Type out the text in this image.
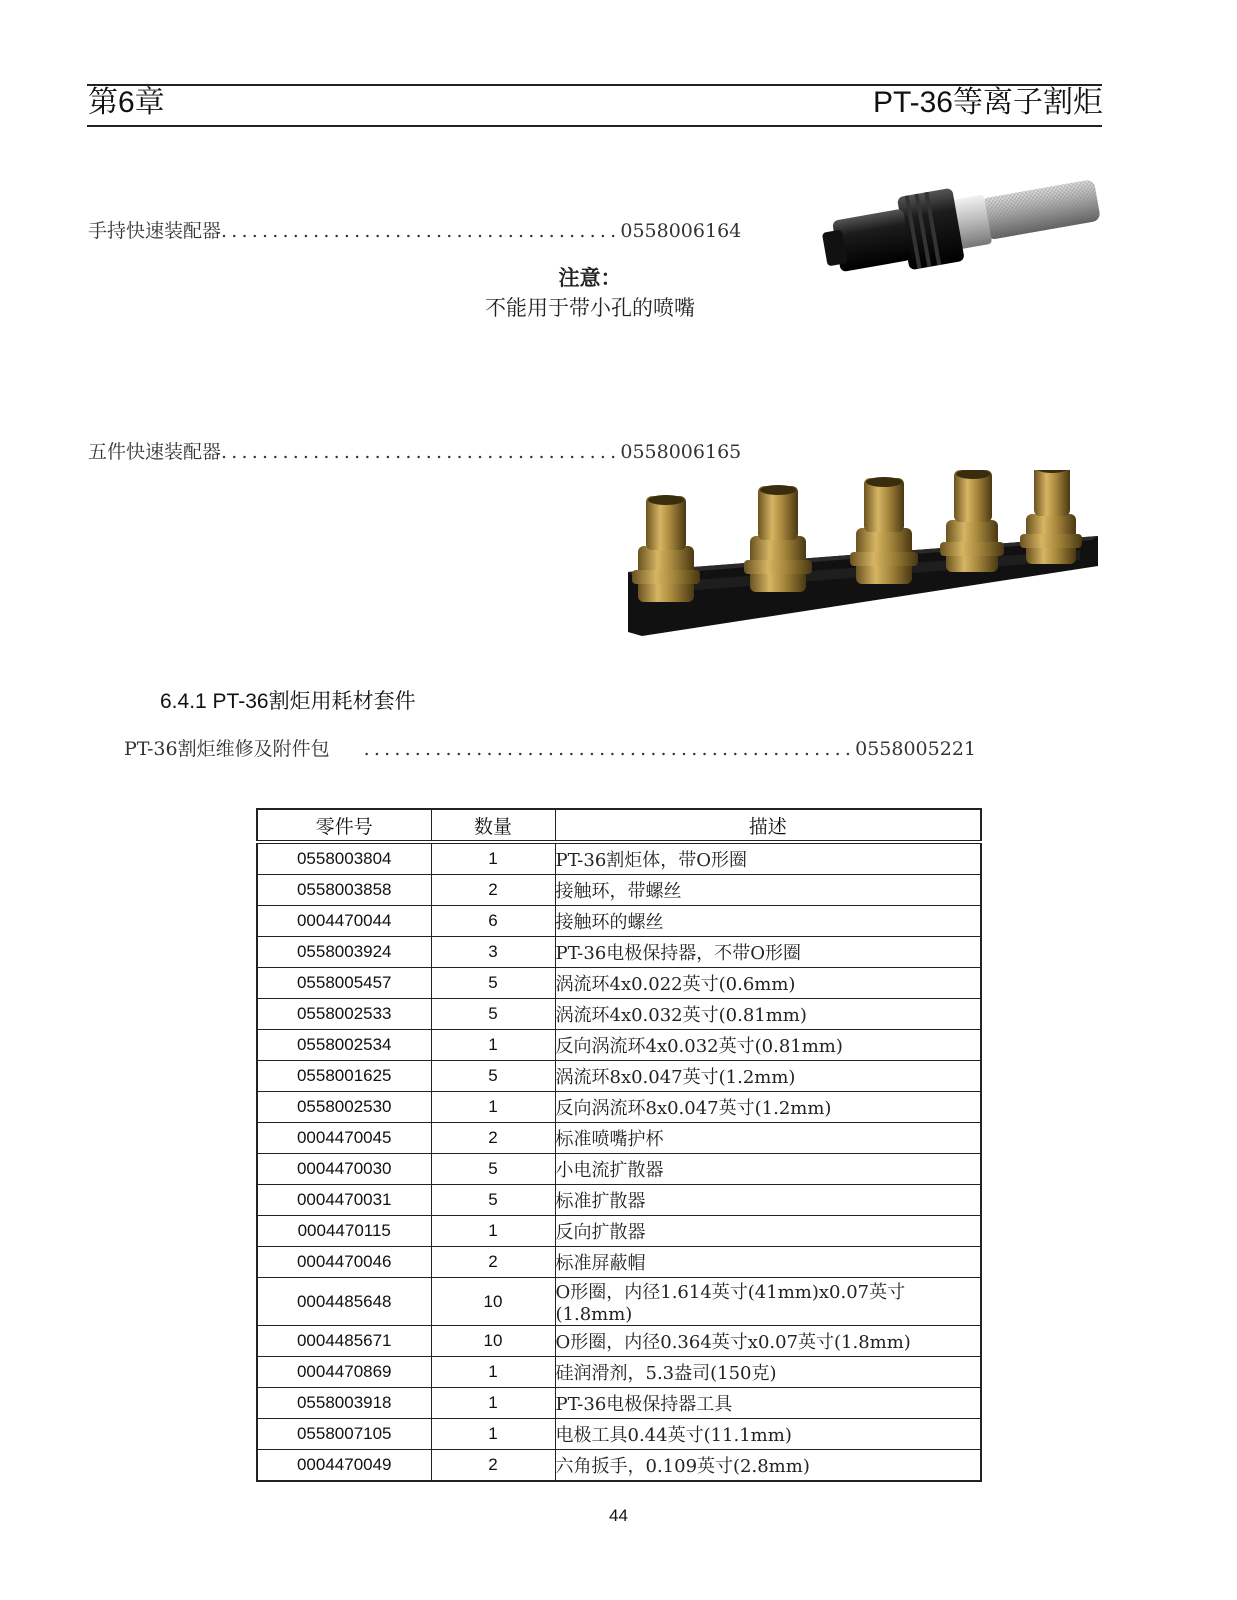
第6章	PT-36等离子割炬
手持快速装配器.......................................0558006164
注意：
不能用于带小孔的喷嘴
五件快速装配器.......................................0558006165
6.4.1 PT-36割炬用耗材套件
PT-36割炬维修及附件包 ................................................0558005221
零件号	数量	描述
0558003804	1	PT-36割炬体，带O形圈
0558003858	2	接触环，带螺丝
0004470044	6	接触环的螺丝
0558003924	3	PT-36电极保持器，不带O形圈
0558005457	5	涡流环4x0.022英寸(0.6mm)
0558002533	5	涡流环4x0.032英寸(0.81mm)
0558002534	1	反向涡流环4x0.032英寸(0.81mm)
0558001625	5	涡流环8x0.047英寸(1.2mm)
0558002530	1	反向涡流环8x0.047英寸(1.2mm)
0004470045	2	标准喷嘴护杯
0004470030	5	小电流扩散器
0004470031	5	标准扩散器
0004470115	1	反向扩散器
0004470046	2	标准屏蔽帽
0004485648	10	O形圈，内径1.614英寸(41mm)x0.07英寸(1.8mm)
0004485671	10	O形圈，内径0.364英寸x0.07英寸(1.8mm)
0004470869	1	硅润滑剂，5.3盎司(150克)
0558003918	1	PT-36电极保持器工具
0558007105	1	电极工具0.44英寸(11.1mm)
0004470049	2	六角扳手，0.109英寸(2.8mm)
44
